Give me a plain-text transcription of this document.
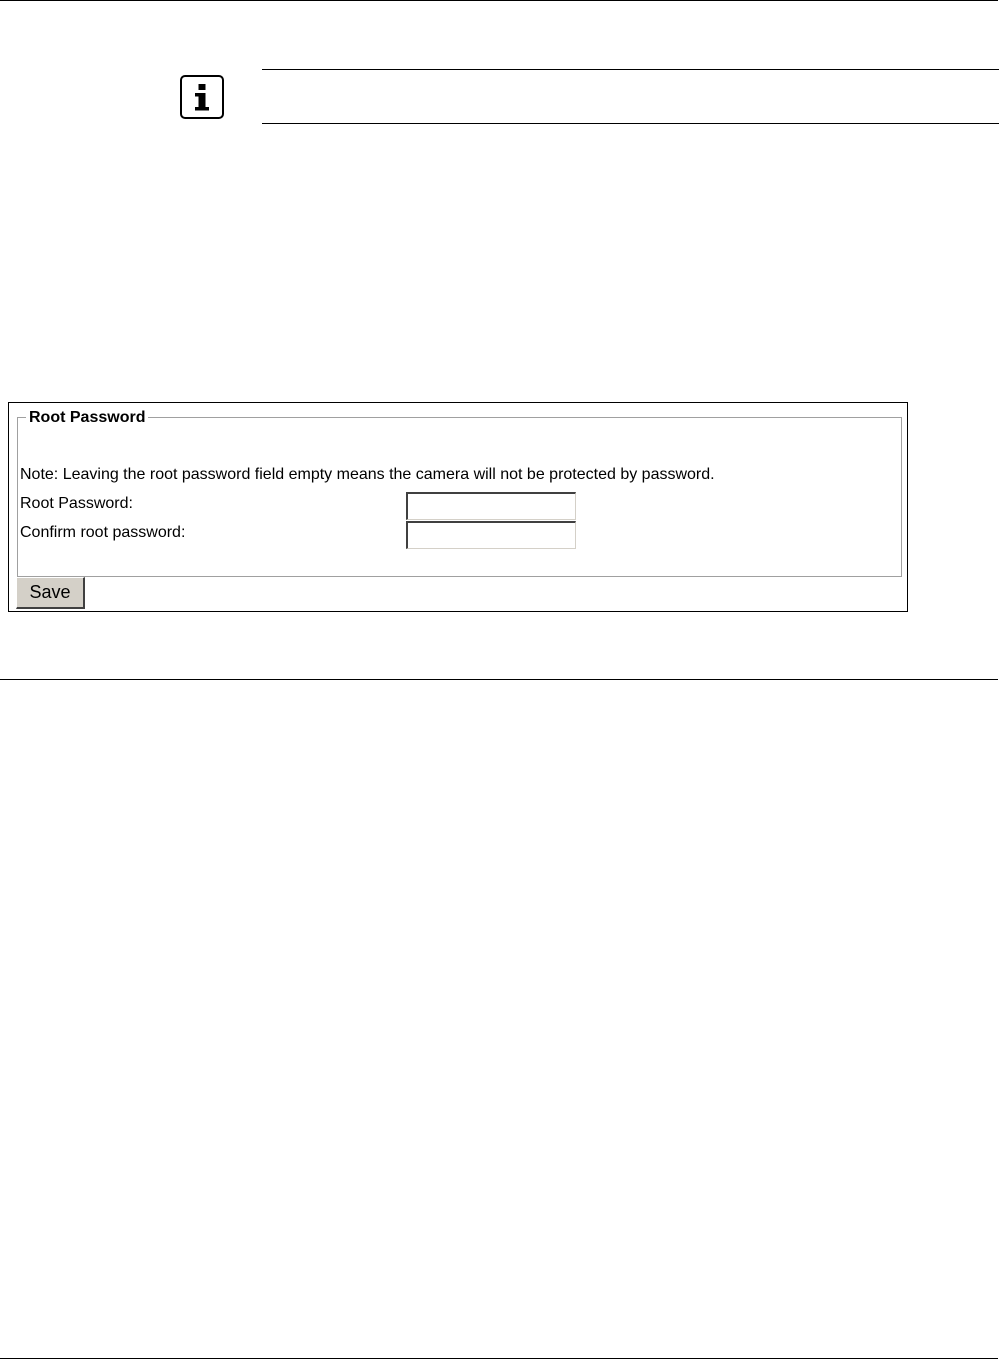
Root Password
Note: Leaving the root password field empty means the camera will not be protected by password.
Root Password:
Confirm root password:
Save
